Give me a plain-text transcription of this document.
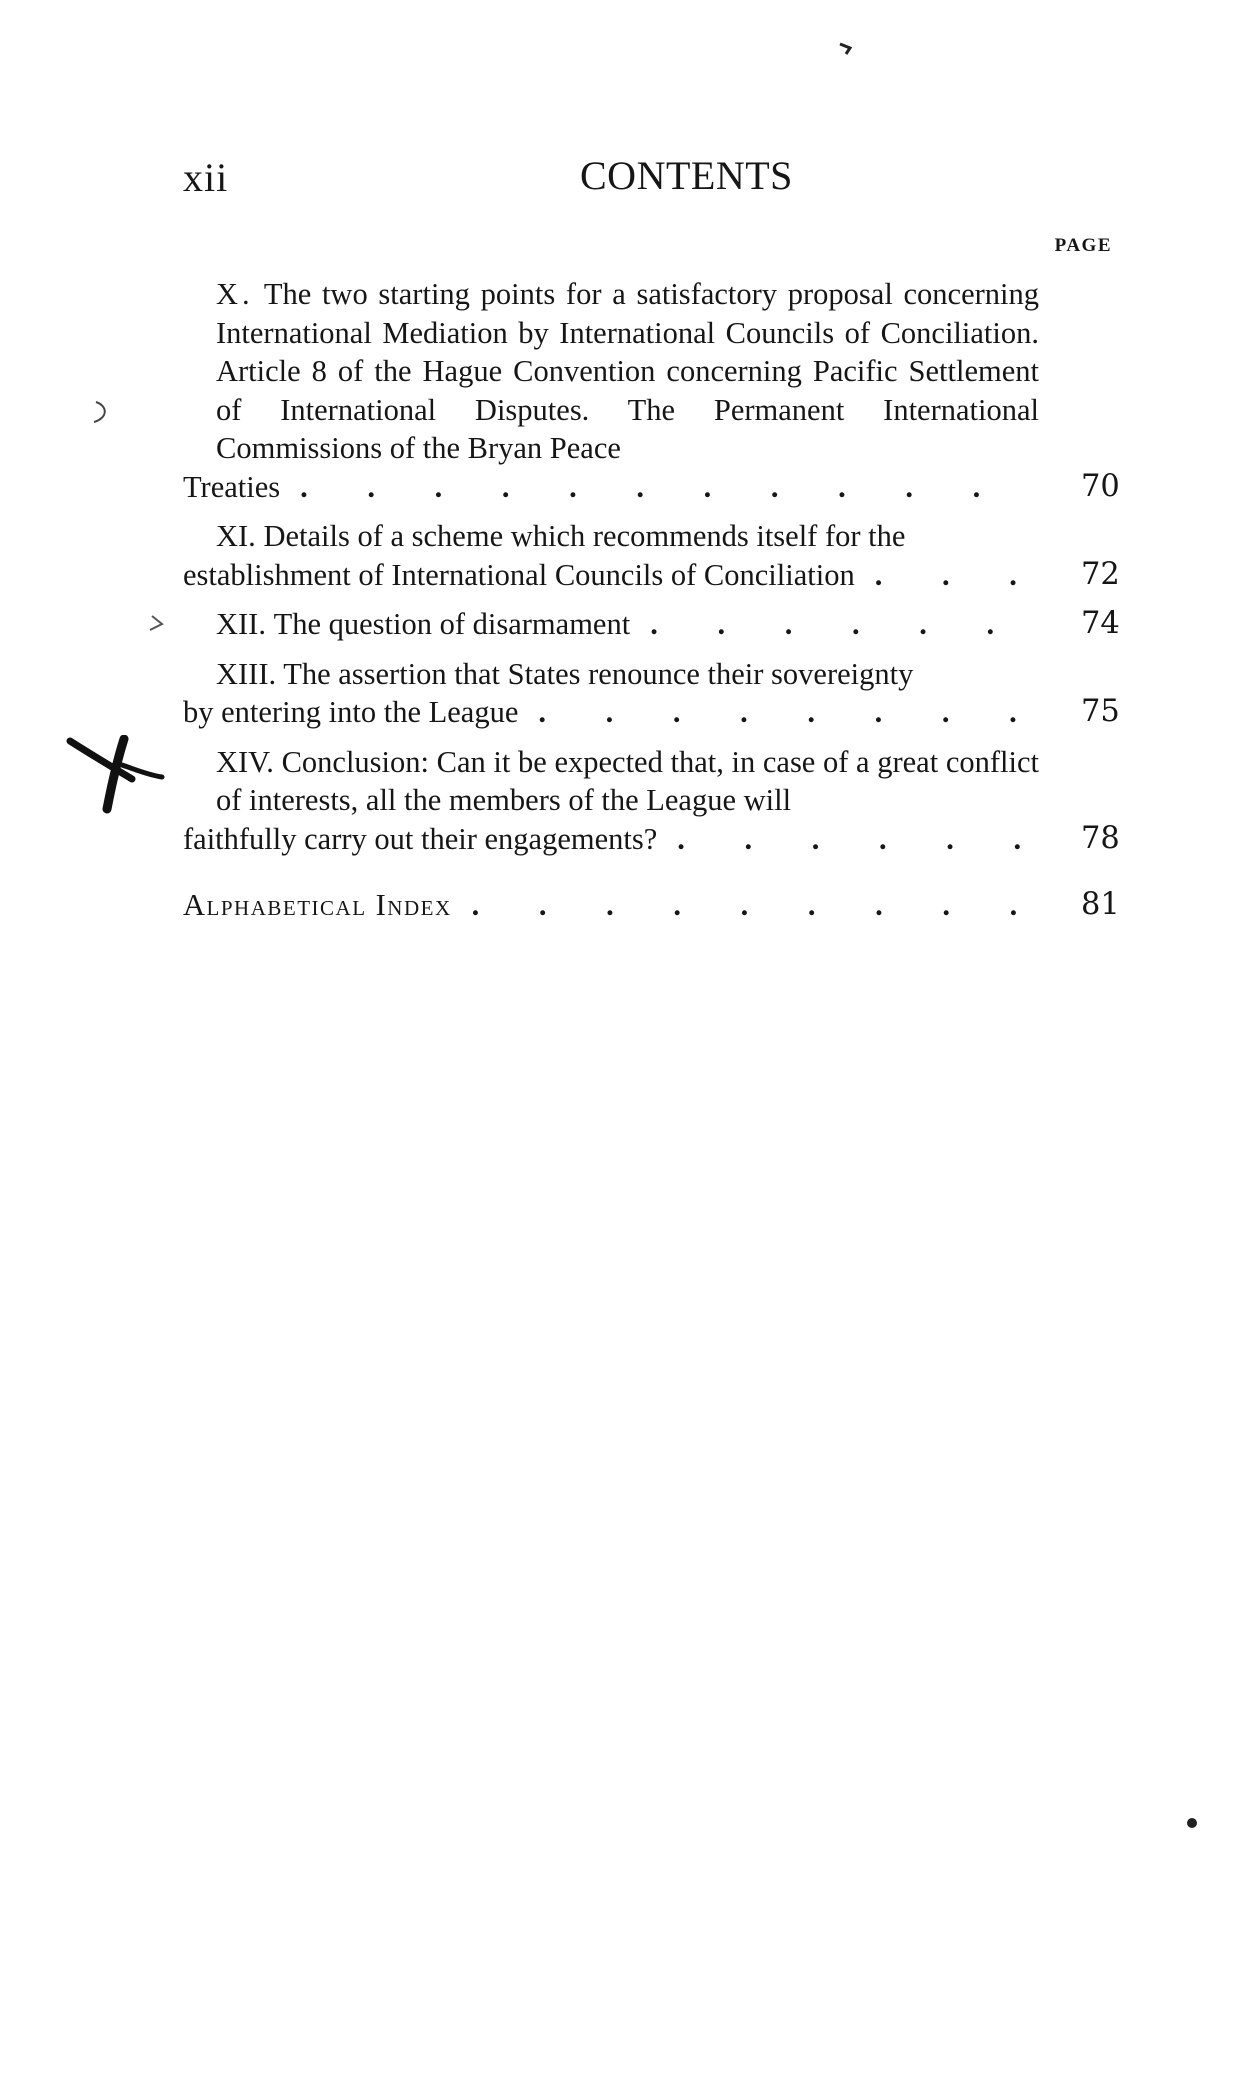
xii	CONTENTS
PAGE
X. The two starting points for a satisfactory proposal concerning International Mediation by International Councils of Conciliation. Article 8 of the Hague Convention concerning Pacific Settlement of International Disputes. The Permanent International Commissions of the Bryan Peace
Treaties . . .	70
XI. Details of a scheme which recommends itself for the
establishment of International Councils of Conciliation . . .	72
XII.
The question of disarmament . . .	74
XIII. The assertion that States renounce their sovereignty
by entering into the League . . .	75
XIV. Conclusion: Can it be expected that, in case of a great conflict of interests, all the members of the League will
faithfully carry out their engagements? . . .	78
Alphabetical Index . . .	81
